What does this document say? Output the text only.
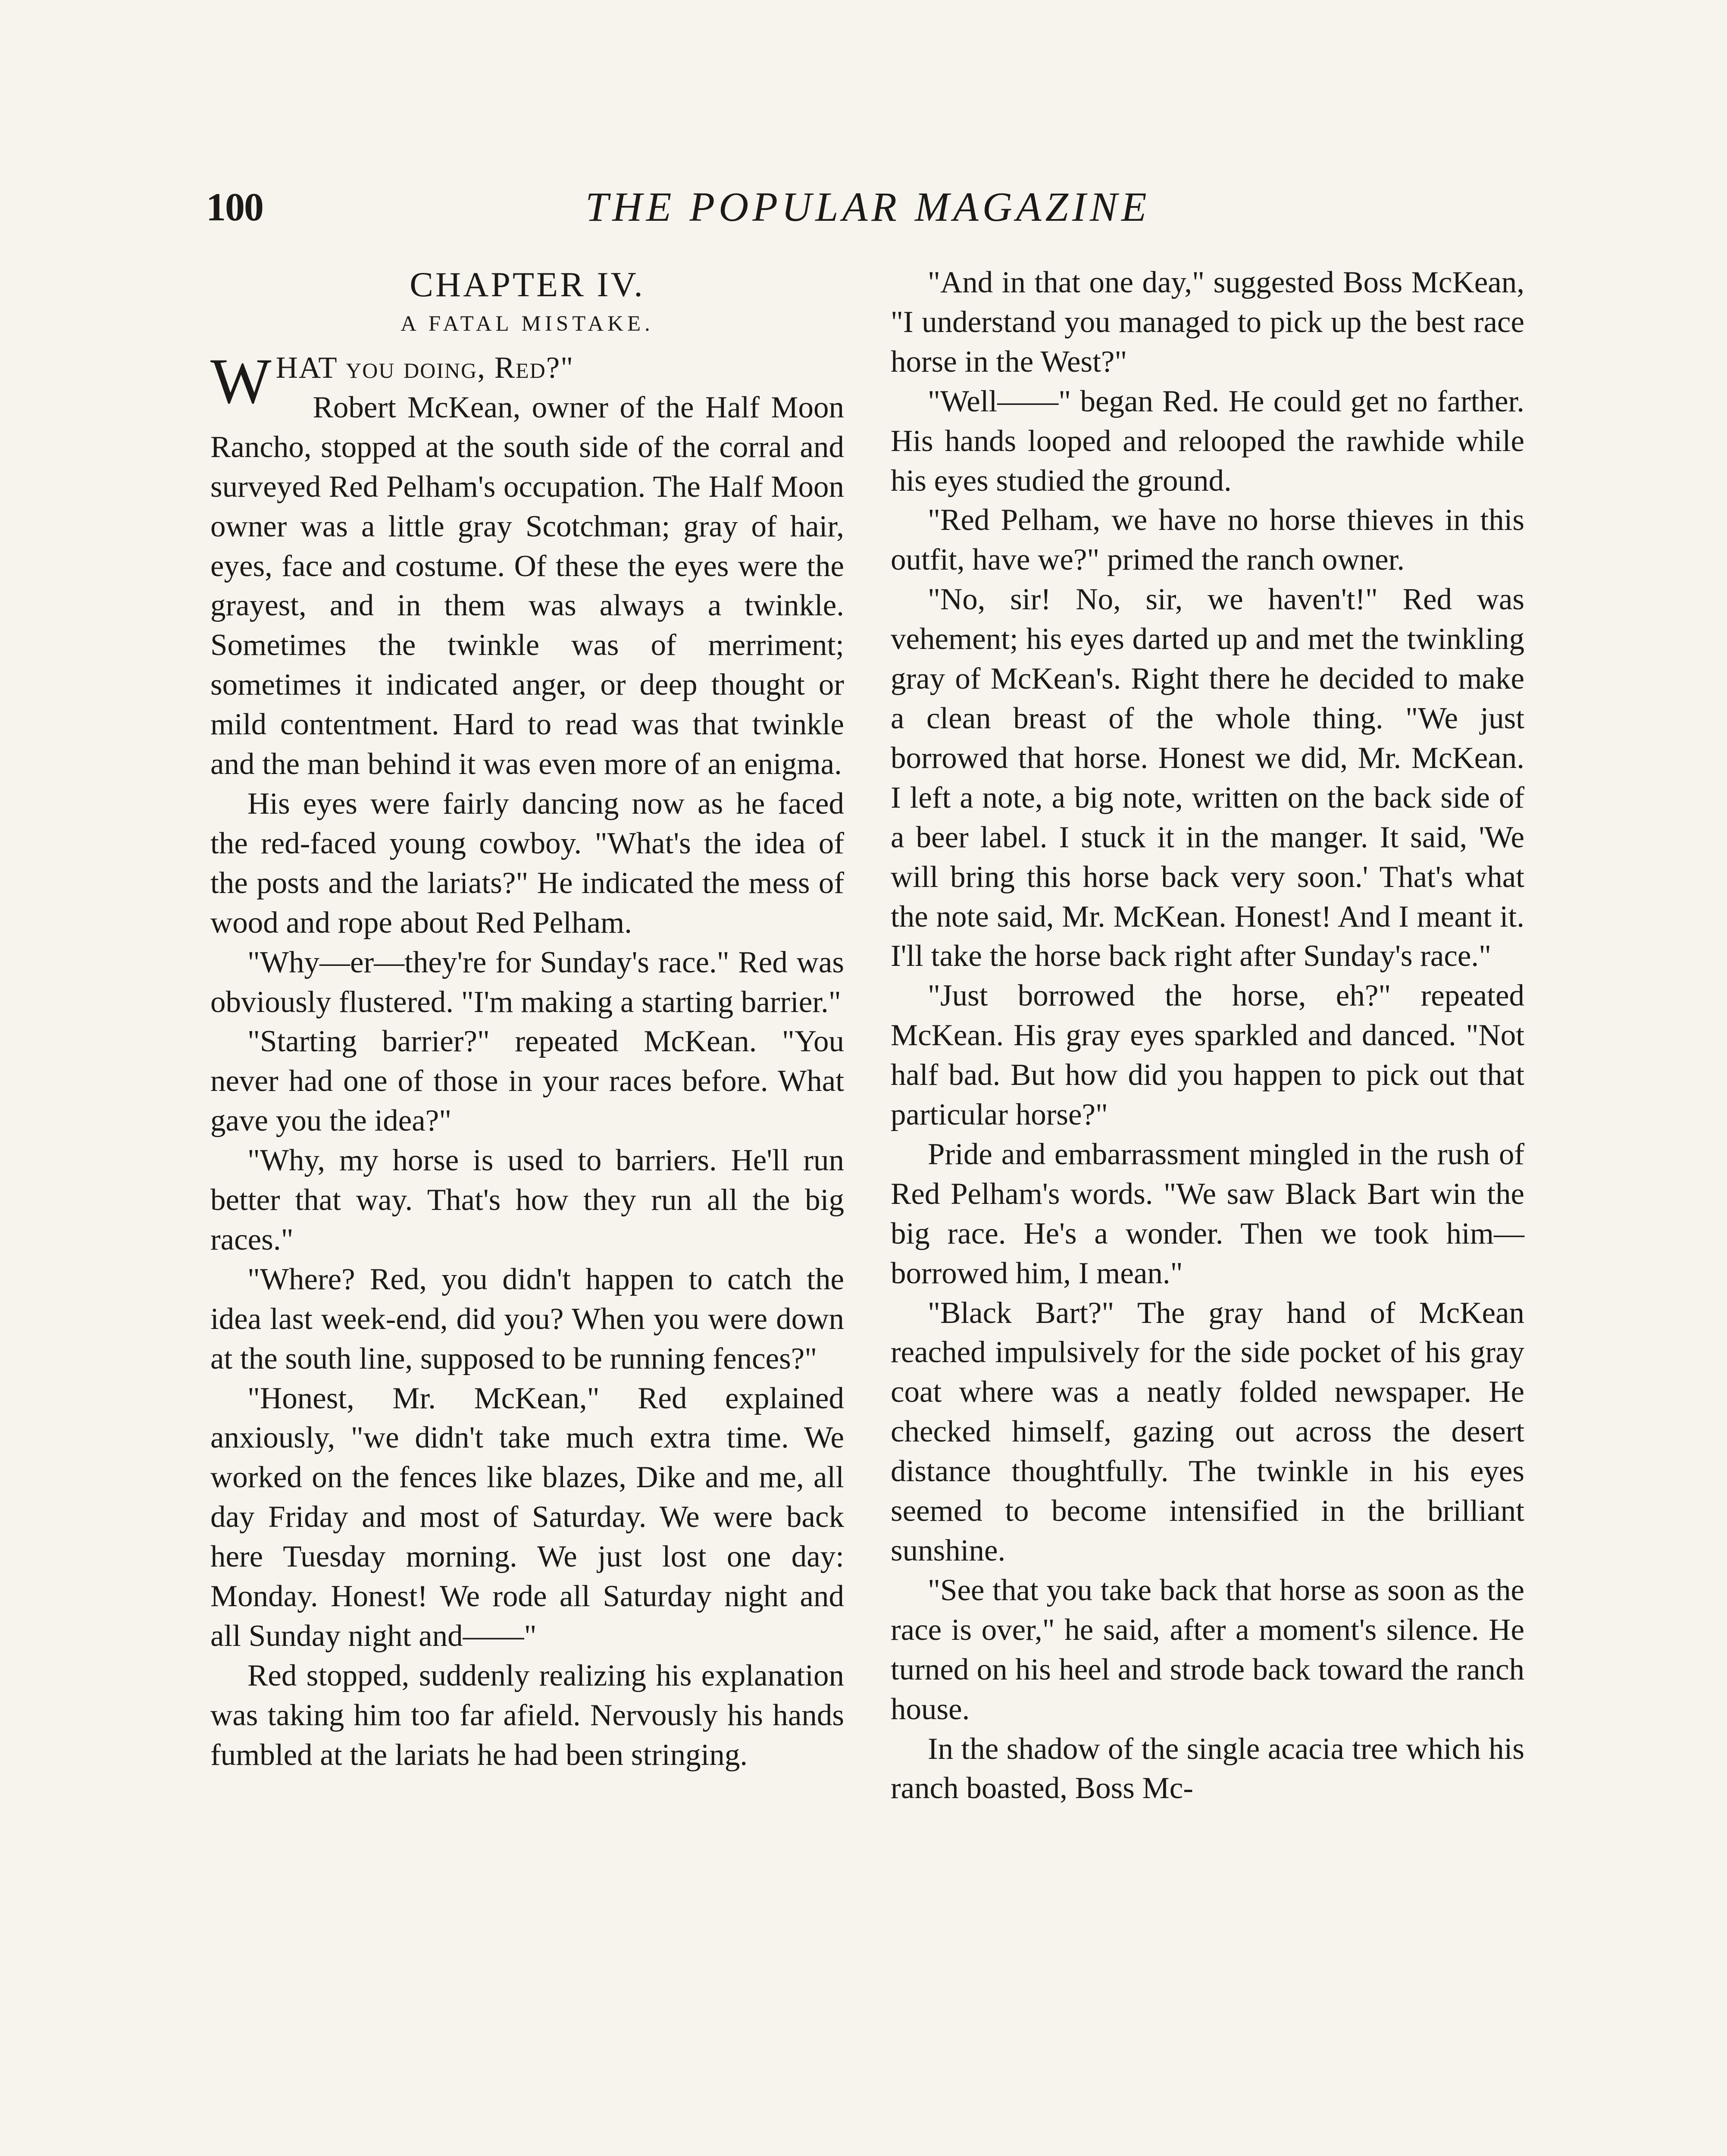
100	THE POPULAR MAGAZINE
CHAPTER IV.
A FATAL MISTAKE.

WHAT you doing, Red?"

Robert McKean, owner of the Half Moon Rancho, stopped at the south side of the corral and surveyed Red Pelham's occupation. The Half Moon owner was a little gray Scotchman; gray of hair, eyes, face and costume. Of these the eyes were the grayest, and in them was always a twinkle. Sometimes the twinkle was of merriment; sometimes it indicated anger, or deep thought or mild contentment. Hard to read was that twinkle and the man behind it was even more of an enigma.

His eyes were fairly dancing now as he faced the red-faced young cowboy. "What's the idea of the posts and the lariats?" He indicated the mess of wood and rope about Red Pelham.

"Why—er—they're for Sunday's race." Red was obviously flustered. "I'm making a starting barrier."

"Starting barrier?" repeated McKean. "You never had one of those in your races before. What gave you the idea?"

"Why, my horse is used to barriers. He'll run better that way. That's how they run all the big races."

"Where? Red, you didn't happen to catch the idea last week-end, did you? When you were down at the south line, supposed to be running fences?"

"Honest, Mr. McKean," Red explained anxiously, "we didn't take much extra time. We worked on the fences like blazes, Dike and me, all day Friday and most of Saturday. We were back here Tuesday morning. We just lost one day: Monday. Honest! We rode all Saturday night and all Sunday night and——"

Red stopped, suddenly realizing his explanation was taking him too far afield. Nervously his hands fumbled at the lariats he had been stringing.

"And in that one day," suggested Boss McKean, "I understand you managed to pick up the best race horse in the West?"

"Well——" began Red. He could get no farther. His hands looped and relooped the rawhide while his eyes studied the ground.

"Red Pelham, we have no horse thieves in this outfit, have we?" primed the ranch owner.

"No, sir! No, sir, we haven't!" Red was vehement; his eyes darted up and met the twinkling gray of McKean's. Right there he decided to make a clean breast of the whole thing. "We just borrowed that horse. Honest we did, Mr. McKean. I left a note, a big note, written on the back side of a beer label. I stuck it in the manger. It said, 'We will bring this horse back very soon.' That's what the note said, Mr. McKean. Honest! And I meant it. I'll take the horse back right after Sunday's race."

"Just borrowed the horse, eh?" repeated McKean. His gray eyes sparkled and danced. "Not half bad. But how did you happen to pick out that particular horse?"

Pride and embarrassment mingled in the rush of Red Pelham's words. "We saw Black Bart win the big race. He's a wonder. Then we took him—borrowed him, I mean."

"Black Bart?" The gray hand of McKean reached impulsively for the side pocket of his gray coat where was a neatly folded newspaper. He checked himself, gazing out across the desert distance thoughtfully. The twinkle in his eyes seemed to become intensified in the brilliant sunshine.

"See that you take back that horse as soon as the race is over," he said, after a moment's silence. He turned on his heel and strode back toward the ranch house.

In the shadow of the single acacia tree which his ranch boasted, Boss Mc-
